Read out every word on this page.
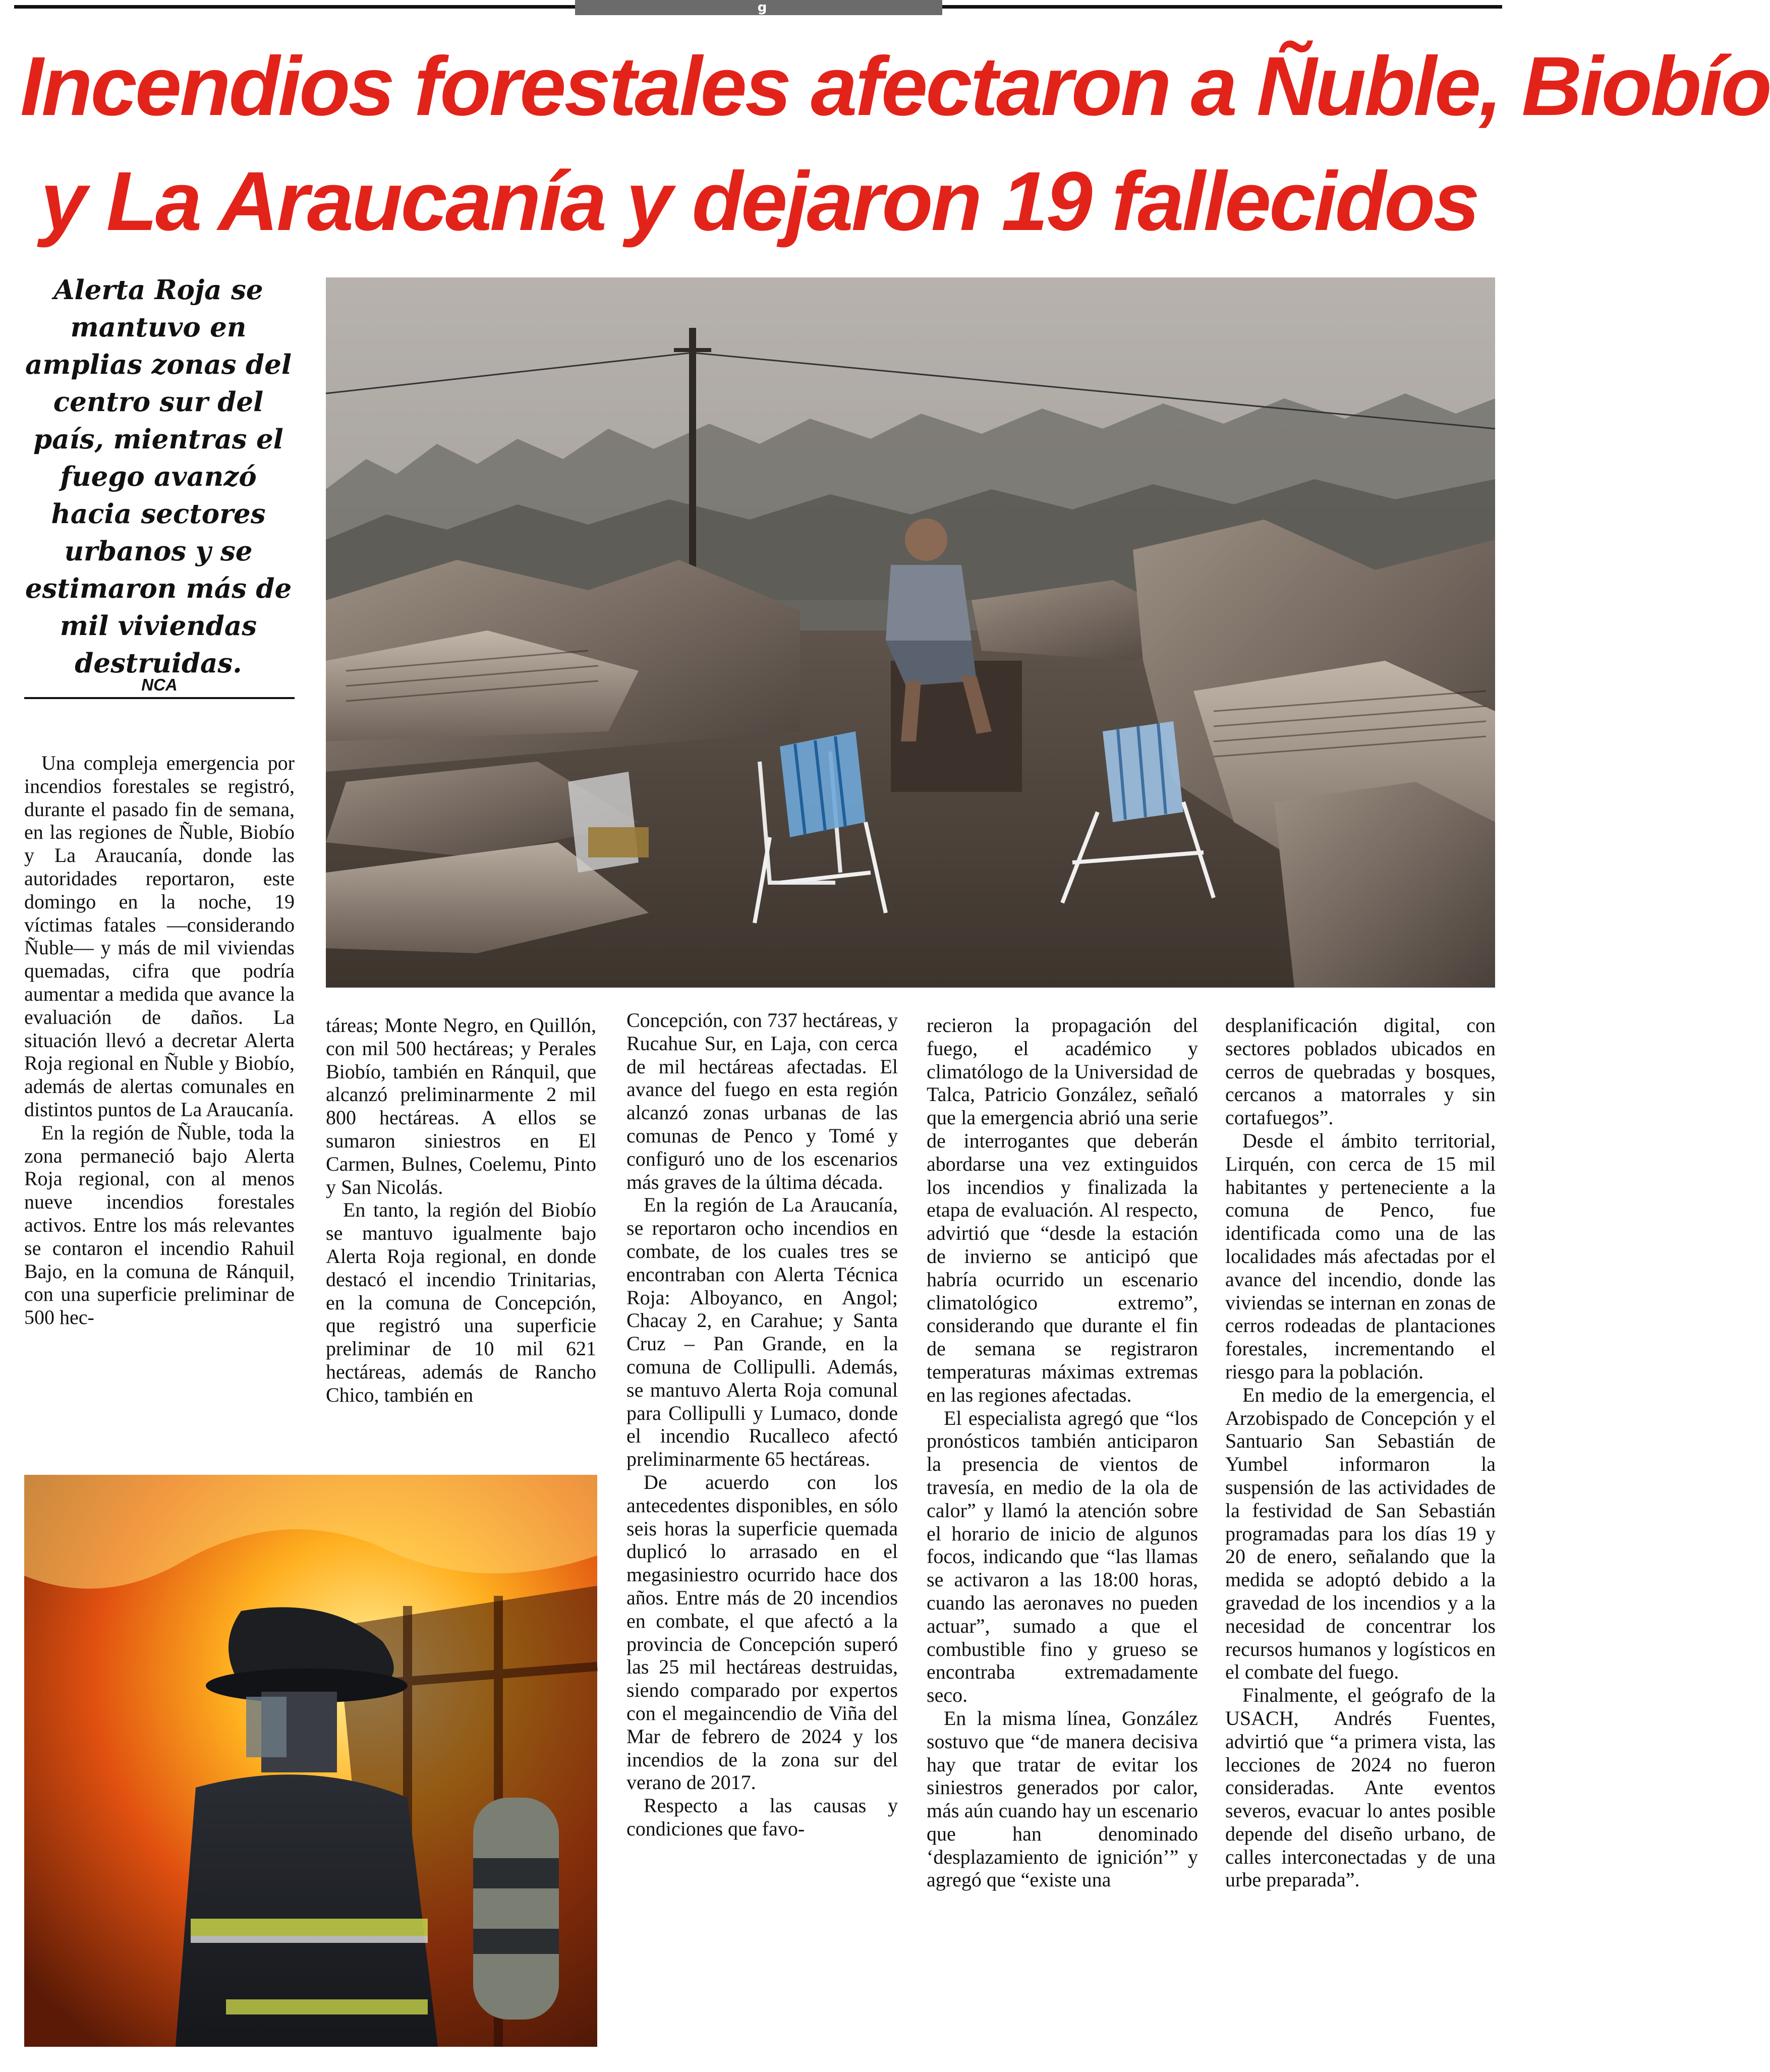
g
Incendios forestales afectaron a Ñuble, Biobío
y La Araucanía y dejaron 19 fallecidos
Alerta Roja se mantuvo en amplias zonas del centro sur del país, mientras el fuego avanzó hacia sectores urbanos y se estimaron más de mil viviendas destruidas.
NCA

Una compleja emergencia por incendios forestales se registró, durante el pasado fin de semana, en las regiones de Ñuble, Biobío y La Araucanía, donde las autoridades reportaron, este domingo en la noche, 19 víctimas fatales —considerando Ñuble— y más de mil viviendas quemadas, cifra que podría aumentar a medida que avance la evaluación de daños. La situación llevó a decretar Alerta Roja regional en Ñuble y Biobío, además de alertas comunales en distintos puntos de La Araucanía.

En la región de Ñuble, toda la zona permaneció bajo Alerta Roja regional, con al menos nueve incendios forestales activos. Entre los más relevantes se contaron el incendio Rahuil Bajo, en la comuna de Ránquil, con una superficie preliminar de 500 hec-

táreas; Monte Negro, en Quillón, con mil 500 hectáreas; y Perales Biobío, también en Ránquil, que alcanzó preliminarmente 2 mil 800 hectáreas. A ellos se sumaron siniestros en El Carmen, Bulnes, Coelemu, Pinto y San Nicolás.

En tanto, la región del Biobío se mantuvo igualmente bajo Alerta Roja regional, en donde destacó el incendio Trinitarias, en la comuna de Concepción, que registró una superficie preliminar de 10 mil 621 hectáreas, además de Rancho Chico, también en

Concepción, con 737 hectáreas, y Rucahue Sur, en Laja, con cerca de mil hectáreas afectadas. El avance del fuego en esta región alcanzó zonas urbanas de las comunas de Penco y Tomé y configuró uno de los escenarios más graves de la última década.

En la región de La Araucanía, se reportaron ocho incendios en combate, de los cuales tres se encontraban con Alerta Técnica Roja: Alboyanco, en Angol; Chacay 2, en Carahue; y Santa Cruz – Pan Grande, en la comuna de Collipulli. Además, se mantuvo Alerta Roja comunal para Collipulli y Lumaco, donde el incendio Rucalleco afectó preliminarmente 65 hectáreas.

De acuerdo con los antecedentes disponibles, en sólo seis horas la superficie quemada duplicó lo arrasado en el megasiniestro ocurrido hace dos años. Entre más de 20 incendios en combate, el que afectó a la provincia de Concepción superó las 25 mil hectáreas destruidas, siendo comparado por expertos con el megaincendio de Viña del Mar de febrero de 2024 y los incendios de la zona sur del verano de 2017.

Respecto a las causas y condiciones que favo-

recieron la propagación del fuego, el académico y climatólogo de la Universidad de Talca, Patricio González, señaló que la emergencia abrió una serie de interrogantes que deberán abordarse una vez extinguidos los incendios y finalizada la etapa de evaluación. Al respecto, advirtió que “desde la estación de invierno se anticipó que habría ocurrido un escenario climatológico extremo”, considerando que durante el fin de semana se registraron temperaturas máximas extremas en las regiones afectadas.

El especialista agregó que “los pronósticos también anticiparon la presencia de vientos de travesía, en medio de la ola de calor” y llamó la atención sobre el horario de inicio de algunos focos, indicando que “las llamas se activaron a las 18:00 horas, cuando las aeronaves no pueden actuar”, sumado a que el combustible fino y grueso se encontraba extremadamente seco.

En la misma línea, González sostuvo que “de manera decisiva hay que tratar de evitar los siniestros generados por calor, más aún cuando hay un escenario que han denominado ‘desplazamiento de ignición’” y agregó que “existe una

desplanificación digital, con sectores poblados ubicados en cerros de quebradas y bosques, cercanos a matorrales y sin cortafuegos”.

Desde el ámbito territorial, Lirquén, con cerca de 15 mil habitantes y perteneciente a la comuna de Penco, fue identificada como una de las localidades más afectadas por el avance del incendio, donde las viviendas se internan en zonas de cerros rodeadas de plantaciones forestales, incrementando el riesgo para la población.

En medio de la emergencia, el Arzobispado de Concepción y el Santuario San Sebastián de Yumbel informaron la suspensión de las actividades de la festividad de San Sebastián programadas para los días 19 y 20 de enero, señalando que la medida se adoptó debido a la gravedad de los incendios y a la necesidad de concentrar los recursos humanos y logísticos en el combate del fuego.

Finalmente, el geógrafo de la USACH, Andrés Fuentes, advirtió que “a primera vista, las lecciones de 2024 no fueron consideradas. Ante eventos severos, evacuar lo antes posible depende del diseño urbano, de calles interconectadas y de una urbe preparada”.
